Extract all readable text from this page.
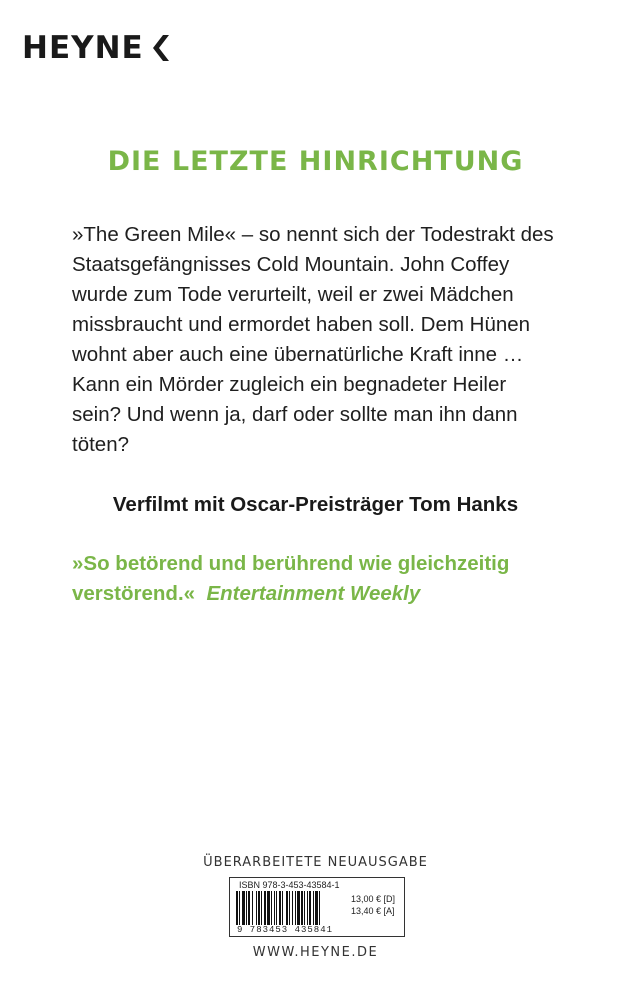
HEYNE
DIE LETZTE HINRICHTUNG
»The Green Mile« – so nennt sich der Todestrakt des
Staatsgefängnisses Cold Mountain. John Coffey
wurde zum Tode verurteilt, weil er zwei Mädchen
missbraucht und ermordet haben soll. Dem Hünen
wohnt aber auch eine übernatürliche Kraft inne …
Kann ein Mörder zugleich ein begnadeter Heiler
sein? Und wenn ja, darf oder sollte man ihn dann
töten?
Verfilmt mit Oscar-Preisträger Tom Hanks
»So betörend und berührend wie gleichzeitig
verstörend.« Entertainment Weekly
ÜBERARBEITETE NEUAUSGABE
ISBN 978-3-453-43584-1
9 783453 435841
13,00 € [D]
13,40 € [A]
WWW.HEYNE.DE
